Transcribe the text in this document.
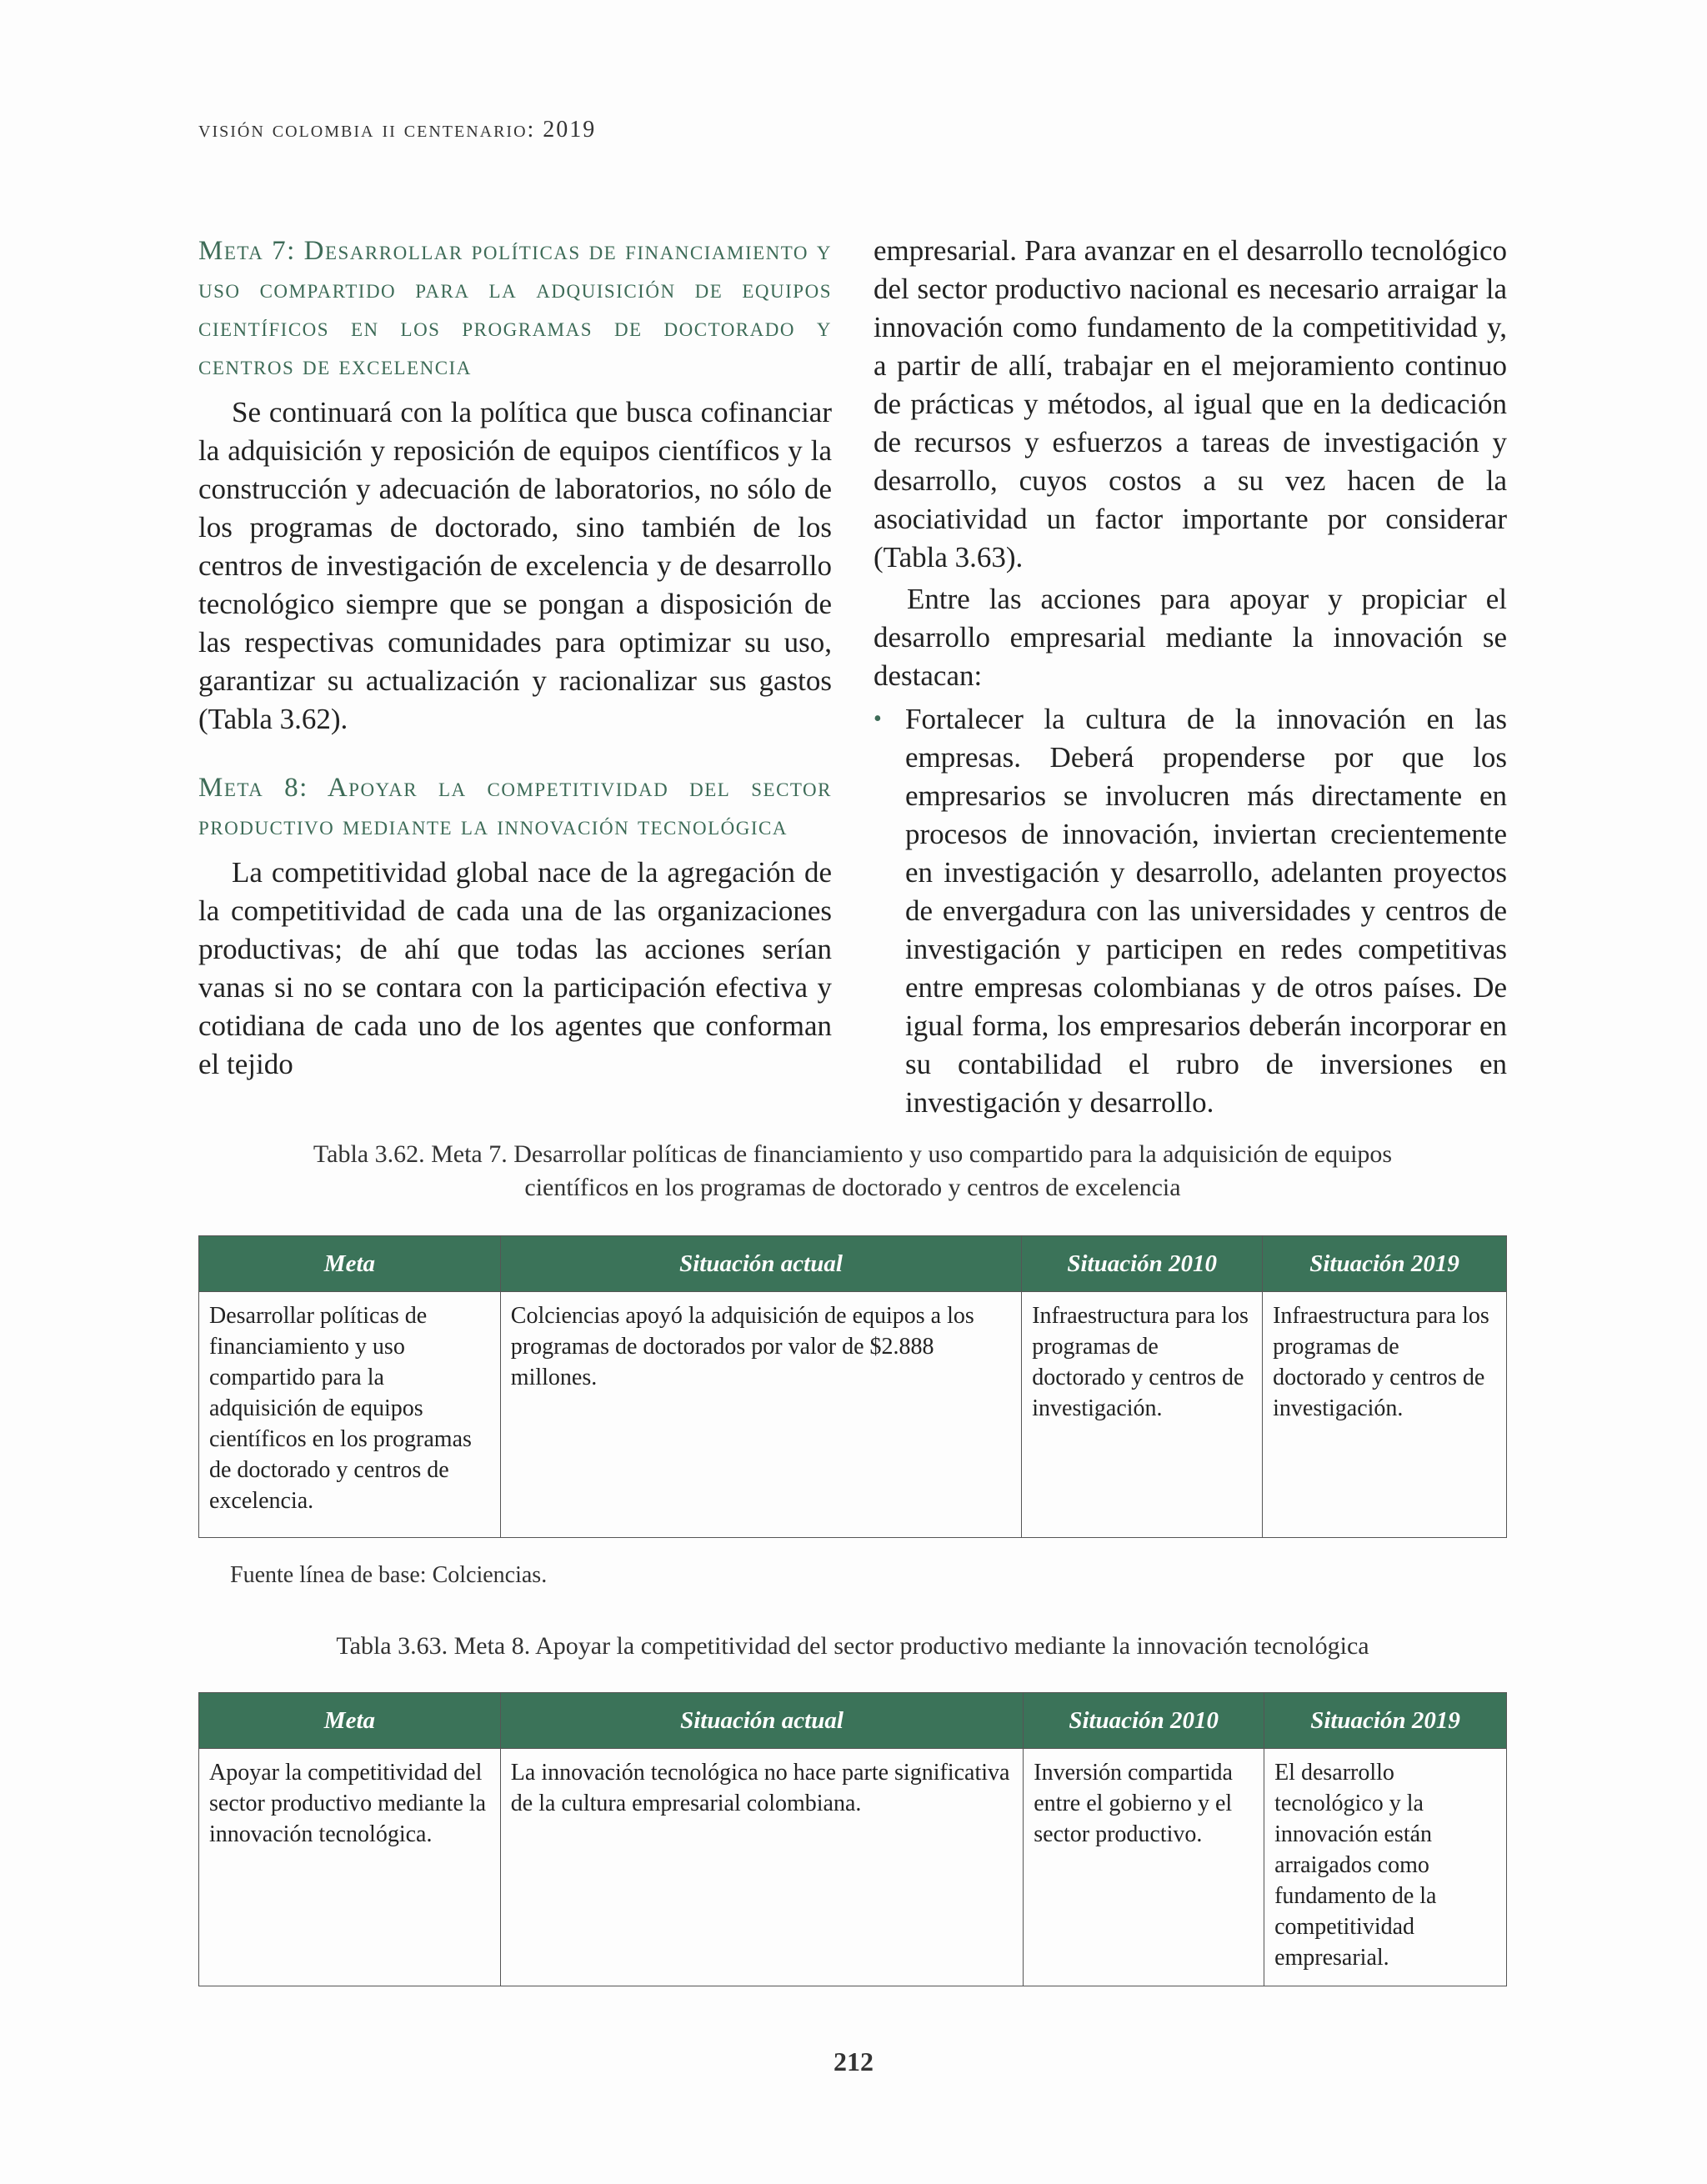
visión colombia ii centenario: 2019
Meta 7: Desarrollar políticas de financiamiento y uso compartido para la adquisición de equipos científicos en los programas de doctorado y centros de excelencia

Se continuará con la política que busca cofinanciar la adquisición y reposición de equipos científicos y la construcción y adecuación de laboratorios, no sólo de los programas de doctorado, sino también de los centros de investigación de excelencia y de desarrollo tecnológico siempre que se pongan a disposición de las respectivas comunidades para optimizar su uso, garantizar su actualización y racionalizar sus gastos (Tabla 3.62).

Meta 8: Apoyar la competitividad del sector productivo mediante la innovación tecnológica

La competitividad global nace de la agregación de la competitividad de cada una de las organizaciones productivas; de ahí que todas las acciones serían vanas si no se contara con la participación efectiva y cotidiana de cada uno de los agentes que conforman el tejido

empresarial. Para avanzar en el desarrollo tecnológico del sector productivo nacional es necesario arraigar la innovación como fundamento de la competitividad y, a partir de allí, trabajar en el mejoramiento continuo de prácticas y métodos, al igual que en la dedicación de recursos y esfuerzos a tareas de investigación y desarrollo, cuyos costos a su vez hacen de la asociatividad un factor importante por considerar (Tabla 3.63).

Entre las acciones para apoyar y propiciar el desarrollo empresarial mediante la innovación se destacan:

• Fortalecer la cultura de la innovación en las empresas. Deberá propenderse por que los empresarios se involucren más directamente en procesos de innovación, inviertan crecientemente en investigación y desarrollo, adelanten proyectos de envergadura con las universidades y centros de investigación y participen en redes competitivas entre empresas colombianas y de otros países. De igual forma, los empresarios deberán incorporar en su contabilidad el rubro de inversiones en investigación y desarrollo.

Tabla 3.62. Meta 7. Desarrollar políticas de financiamiento y uso compartido para la adquisición de equipos
científicos en los programas de doctorado y centros de excelencia
Meta	Situación actual	Situación 2010	Situación 2019
Desarrollar políticas de financiamiento y uso compartido para la adquisición de equipos científicos en los programas de doctorado y centros de excelencia.	Colciencias apoyó la adquisición de equipos a los programas de doctorados por valor de $2.888 millones.	Infraestructura para los programas de doctorado y centros de investigación.	Infraestructura para los programas de doctorado y centros de investigación.
Fuente línea de base: Colciencias.
Tabla 3.63. Meta 8. Apoyar la competitividad del sector productivo mediante la innovación tecnológica
Meta	Situación actual	Situación 2010	Situación 2019
Apoyar la competitividad del sector productivo mediante la innovación tecnológica.	La innovación tecnológica no hace parte significativa de la cultura empresarial colombiana.	Inversión compartida entre el gobierno y el sector productivo.	El desarrollo tecnológico y la innovación están arraigados como fundamento de la competitividad empresarial.
212
